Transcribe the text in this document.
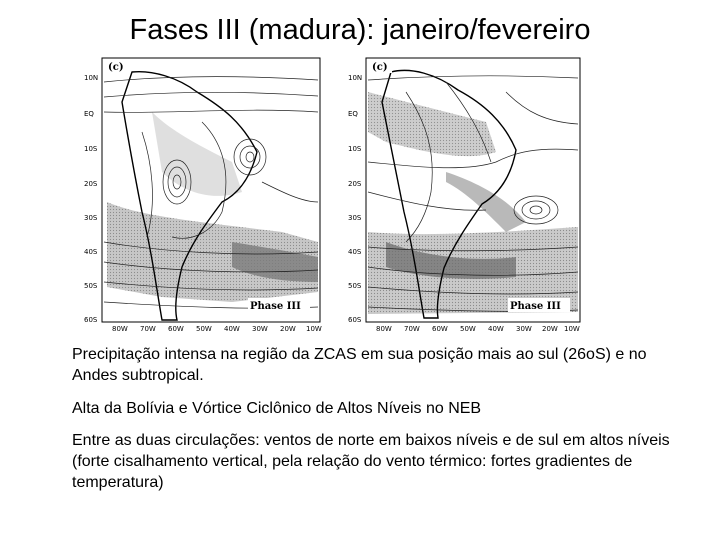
Fases III (madura): janeiro/fevereiro
(c)
Phase III
10N
EQ
10S
20S
30S
40S
50S
60S
80W 70W 60W 50W 40W 30W 20W 10W
(c)
Phase III
10N
EQ
10S
20S
30S
40S
50S
60S
80W 70W 60W 50W 40W 30W 20W 10W
Precipitação intensa na região da ZCAS em sua posição mais ao sul (26oS) e no Andes subtropical.
Alta da Bolívia e Vórtice Ciclônico de Altos Níveis no NEB
Entre as duas circulações: ventos de norte em baixos níveis e de sul em altos níveis (forte cisalhamento vertical, pela relação do vento térmico: fortes gradientes de temperatura)
